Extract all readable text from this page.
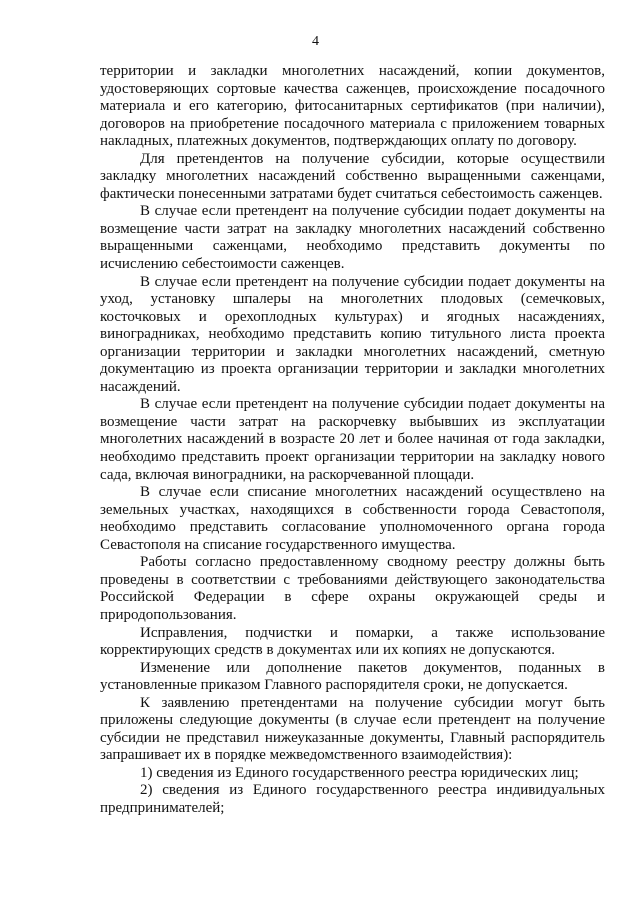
4

территории и закладки многолетних насаждений, копии документов, удостоверяющих сортовые качества саженцев, происхождение посадочного материала и его категорию, фитосанитарных сертификатов (при наличии), договоров на приобретение посадочного материала с приложением товарных накладных, платежных документов, подтверждающих оплату по договору.

Для претендентов на получение субсидии, которые осуществили закладку многолетних насаждений собственно выращенными саженцами, фактически понесенными затратами будет считаться себестоимость саженцев.

В случае если претендент на получение субсидии подает документы на возмещение части затрат на закладку многолетних насаждений собственно выращенными саженцами, необходимо представить документы по исчислению себестоимости саженцев.

В случае если претендент на получение субсидии подает документы на уход, установку шпалеры на многолетних плодовых (семечковых, косточковых и орехоплодных культурах) и ягодных насаждениях, виноградниках, необходимо представить копию титульного листа проекта организации территории и закладки многолетних насаждений, сметную документацию из проекта организации территории и закладки многолетних насаждений.

В случае если претендент на получение субсидии подает документы на возмещение части затрат на раскорчевку выбывших из эксплуатации многолетних насаждений в возрасте 20 лет и более начиная от года закладки, необходимо представить проект организации территории на закладку нового сада, включая виноградники, на раскорчеванной площади.

В случае если списание многолетних насаждений осуществлено на земельных участках, находящихся в собственности города Севастополя, необходимо представить согласование уполномоченного органа города Севастополя на списание государственного имущества.

Работы согласно предоставленному сводному реестру должны быть проведены в соответствии с требованиями действующего законодательства Российской Федерации в сфере охраны окружающей среды и природопользования.

Исправления, подчистки и помарки, а также использование корректирующих средств в документах или их копиях не допускаются.

Изменение или дополнение пакетов документов, поданных в установленные приказом Главного распорядителя сроки, не допускается.

К заявлению претендентами на получение субсидии могут быть приложены следующие документы (в случае если претендент на получение субсидии не представил нижеуказанные документы, Главный распорядитель запрашивает их в порядке межведомственного взаимодействия):

1) сведения из Единого государственного реестра юридических лиц;

2) сведения из Единого государственного реестра индивидуальных предпринимателей;
